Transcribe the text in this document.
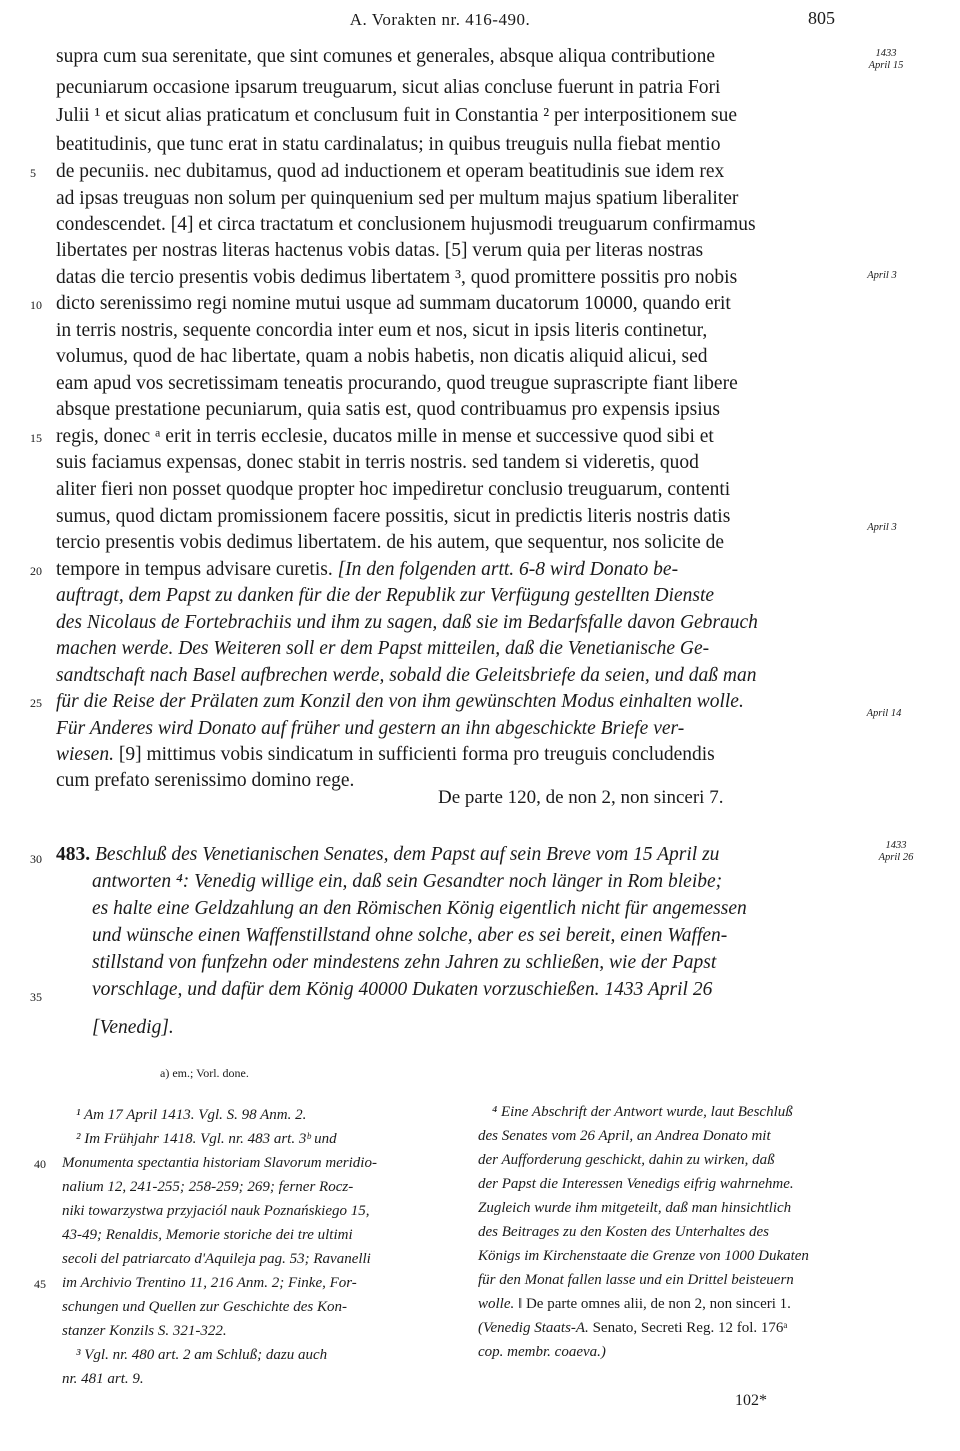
A. Vorakten nr. 416-490.	805
supra cum sua serenitate, que sint comunes et generales, absque aliqua contributione
pecuniarum occasione ipsarum treuguarum, sicut alias concluse fuerunt in patria Fori
Julii ¹ et sicut alias praticatum et conclusum fuit in Constantia ² per interpositionem sue
beatitudinis, que tunc erat in statu cardinalatus; in quibus treuguis nulla fiebat mentio
de pecuniis. nec dubitamus, quod ad inductionem et operam beatitudinis sue idem rex
ad ipsas treuguas non solum per quinquenium sed per multum majus spatium liberaliter
condescendet. [4] et circa tractatum et conclusionem hujusmodi treuguarum confirmamus
libertates per nostras literas hactenus vobis datas. [5] verum quia per literas nostras
datas die tercio presentis vobis dedimus libertatem ³, quod promittere possitis pro nobis
dicto serenissimo regi nomine mutui usque ad summam ducatorum 10000, quando erit
in terris nostris, sequente concordia inter eum et nos, sicut in ipsis literis continetur,
volumus, quod de hac libertate, quam a nobis habetis, non dicatis aliquid alicui, sed
eam apud vos secretissimam teneatis procurando, quod treugue suprascripte fiant libere
absque prestatione pecuniarum, quia satis est, quod contribuamus pro expensis ipsius
regis, donec ᵃ erit in terris ecclesie, ducatos mille in mense et successive quod sibi et
suis faciamus expensas, donec stabit in terris nostris. sed tandem si videretis, quod
aliter fieri non posset quodque propter hoc impediretur conclusio treuguarum, contenti
sumus, quod dictam promissionem facere possitis, sicut in predictis literis nostris datis
tercio presentis vobis dedimus libertatem. de his autem, que sequentur, nos solicite de
tempore in tempus advisare curetis. [In den folgenden artt. 6-8 wird Donato be-
auftragt, dem Papst zu danken für die der Republik zur Verfügung gestellten Dienste
des Nicolaus de Fortebrachiis und ihm zu sagen, daß sie im Bedarfsfalle davon Gebrauch
machen werde. Des Weiteren soll er dem Papst mitteilen, daß die Venetianische Ge-
sandtschaft nach Basel aufbrechen werde, sobald die Geleitsbriefe da seien, und daß man
für die Reise der Prälaten zum Konzil den von ihm gewünschten Modus einhalten wolle.
Für Anderes wird Donato auf früher und gestern an ihn abgeschickte Briefe ver-
wiesen. [9] mittimus vobis sindicatum in sufficienti forma pro treuguis concludendis
cum prefato serenissimo domino rege.
De parte 120, de non 2, non sinceri 7.
5
10
15
20
25
30
35
1433
April 15
April 3
April 3
April 14
1433
April 26
483. Beschluß des Venetianischen Senates, dem Papst auf sein Breve vom 15 April zu
antworten ⁴: Venedig willige ein, daß sein Gesandter noch länger in Rom bleibe;
es halte eine Geldzahlung an den Römischen König eigentlich nicht für angemessen
und wünsche einen Waffenstillstand ohne solche, aber es sei bereit, einen Waffen-
stillstand von funfzehn oder mindestens zehn Jahren zu schließen, wie der Papst
vorschlage, und dafür dem König 40000 Dukaten vorzuschießen. 1433 April 26
[Venedig].
a) em.; Vorl. done.
¹ Am 17 April 1413. Vgl. S. 98 Anm. 2.
² Im Frühjahr 1418. Vgl. nr. 483 art. 3ᵇ und
Monumenta spectantia historiam Slavorum meridio-
nalium 12, 241-255; 258-259; 269; ferner Rocz-
niki towarzystwa przyjaciól nauk Poznańskiego 15,
43-49; Renaldis, Memorie storiche dei tre ultimi
secoli del patriarcato d'Aquileja pag. 53; Ravanelli
im Archivio Trentino 11, 216 Anm. 2; Finke, For-
schungen und Quellen zur Geschichte des Kon-
stanzer Konzils S. 321-322.
³ Vgl. nr. 480 art. 2 am Schluß; dazu auch
nr. 481 art. 9.
40
45
⁴ Eine Abschrift der Antwort wurde, laut Beschluß
des Senates vom 26 April, an Andrea Donato mit
der Aufforderung geschickt, dahin zu wirken, daß
der Papst die Interessen Venedigs eifrig wahrnehme.
Zugleich wurde ihm mitgeteilt, daß man hinsichtlich
des Beitrages zu den Kosten des Unterhaltes des
Königs im Kirchenstaate die Grenze von 1000 Dukaten
für den Monat fallen lasse und ein Drittel beisteuern
wolle. ‖ De parte omnes alii, de non 2, non sinceri 1.
(Venedig Staats-A. Senato, Secreti Reg. 12 fol. 176ᵃ
cop. membr. coaeva.)
102*
